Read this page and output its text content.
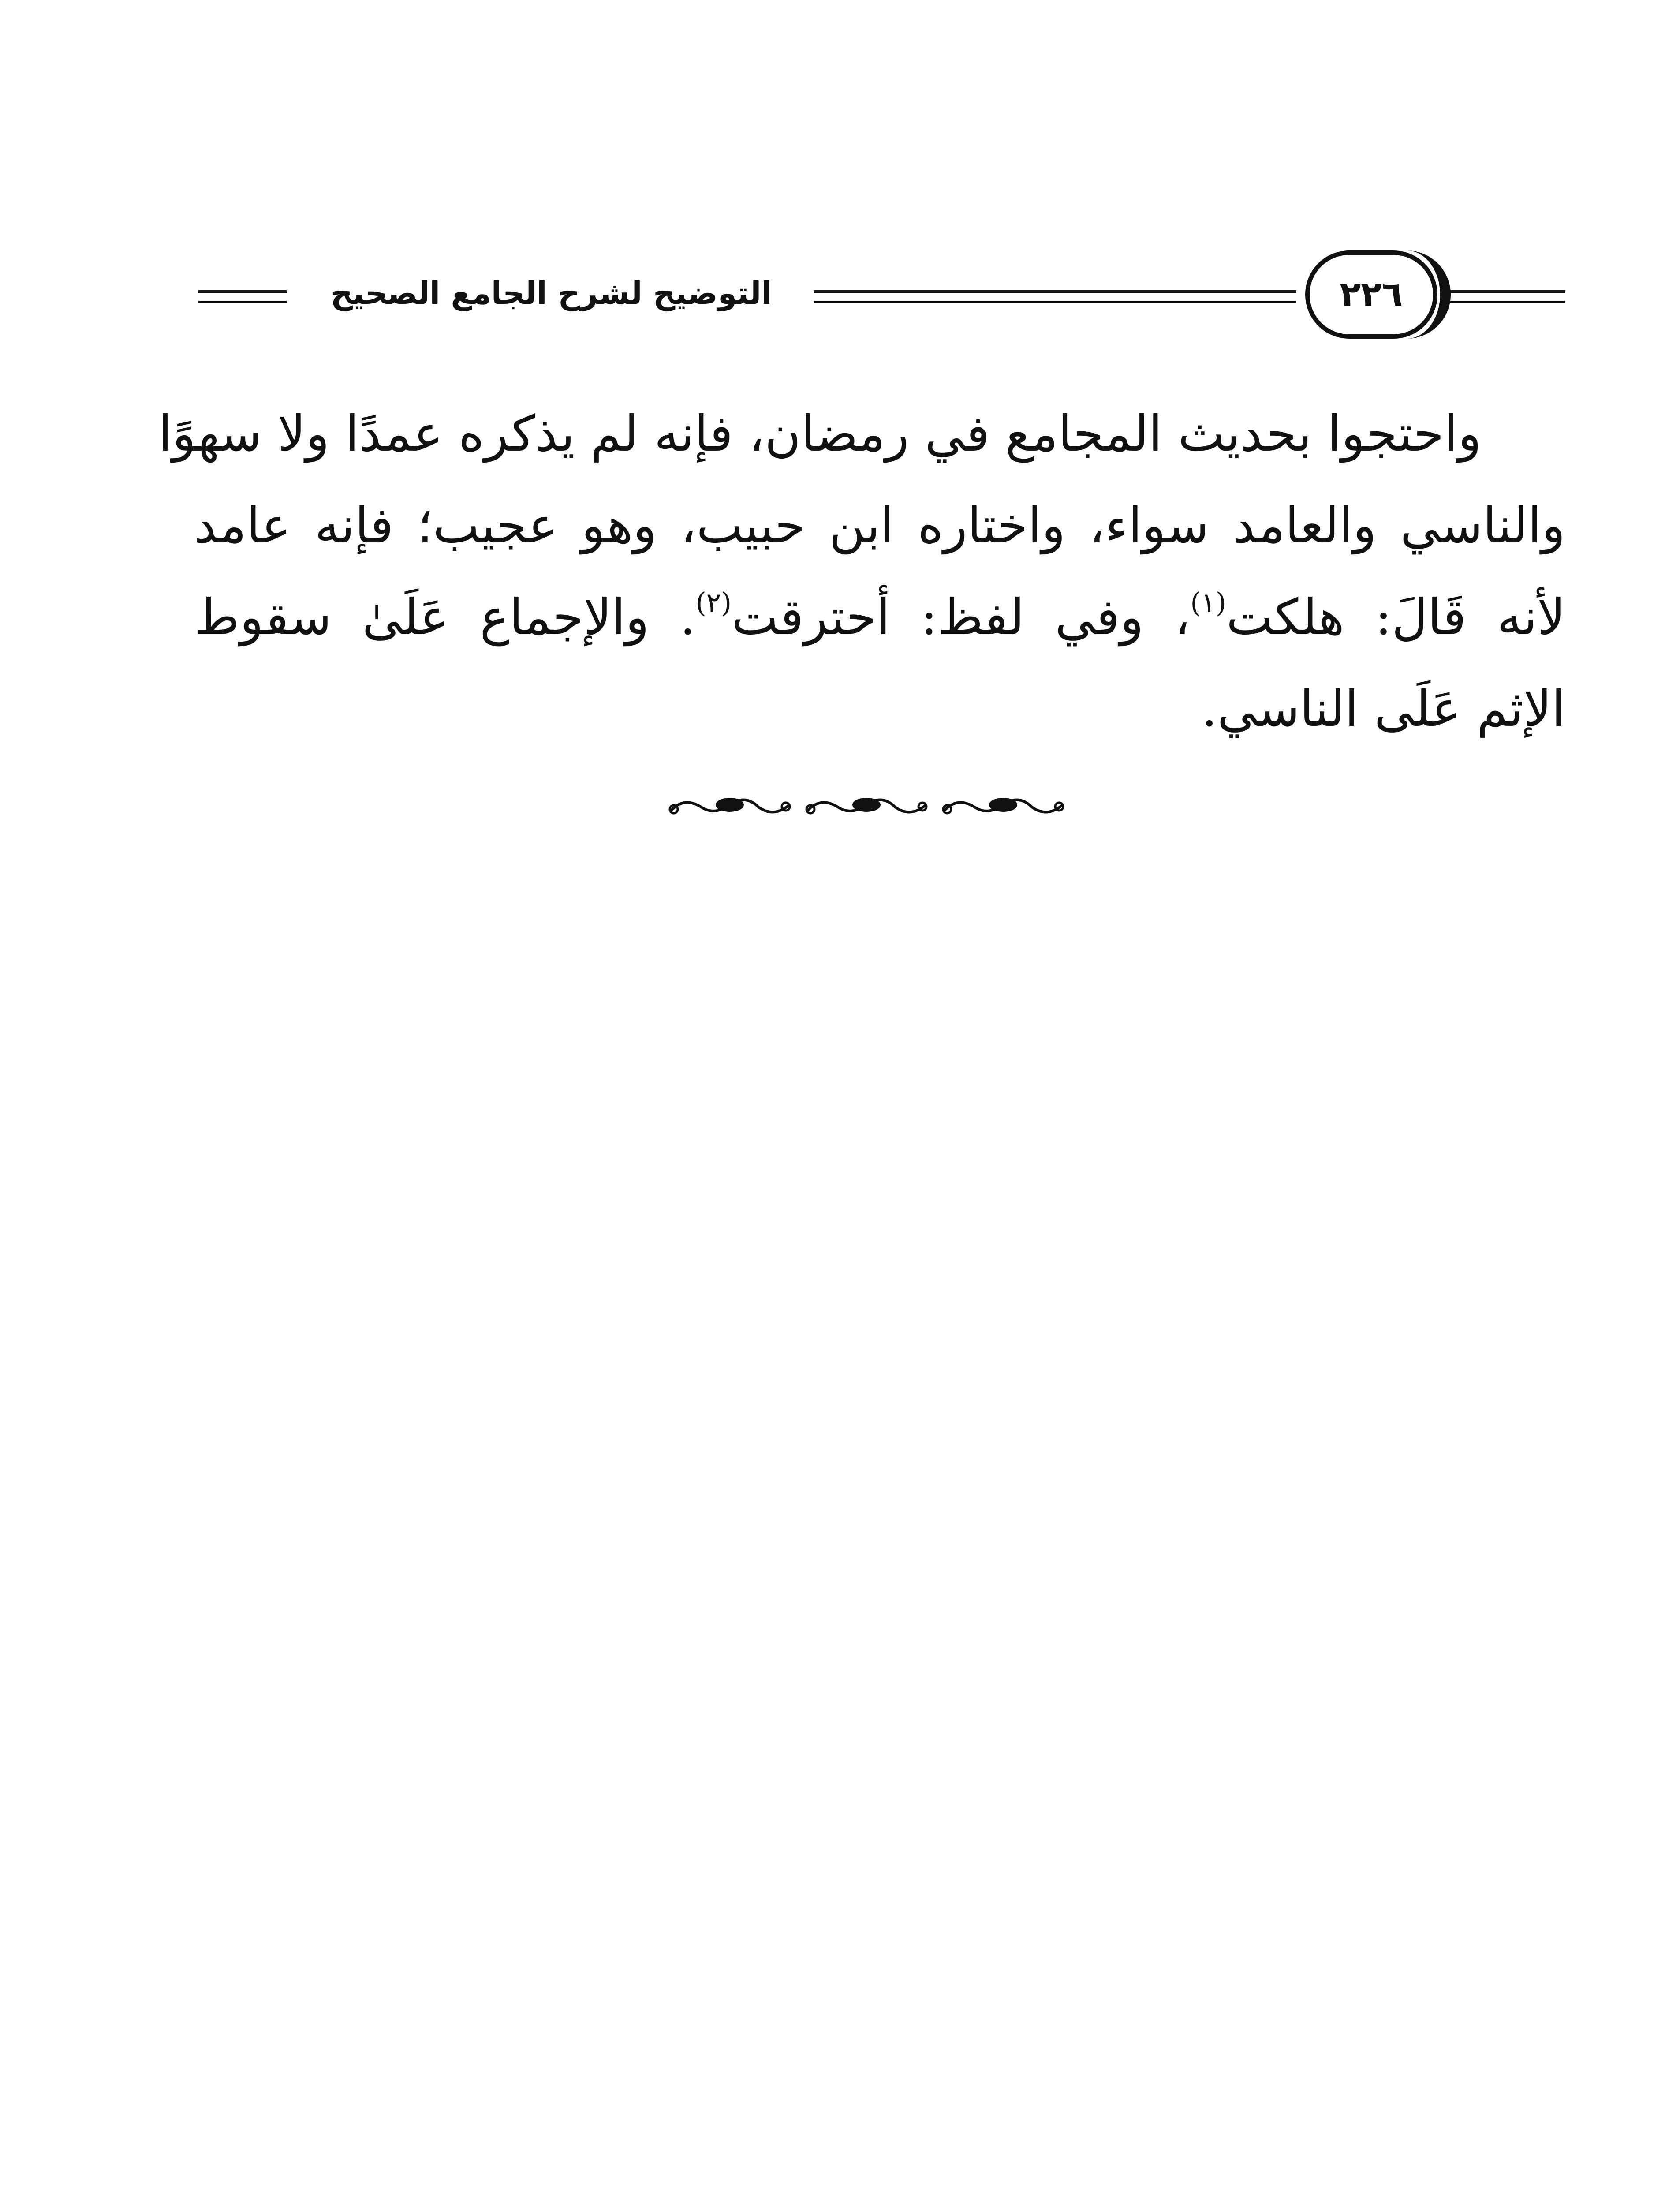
التوضيح لشرح الجامع الصحيح	٢٢٦

واحتجوا بحديث المجامع في رمضان، فإنه لم يذكره عمدًا ولا سهوًا
والناسي والعامد سواء، واختاره ابن حبيب، وهو عجيب؛ فإنه عامد
لأنه قَالَ: هلكت$^{(١)}$، وفي لفظ: أحترقت$^{(٢)}$. والإجماع عَلَىٰ سقوط
الإثم عَلَى الناسي.
